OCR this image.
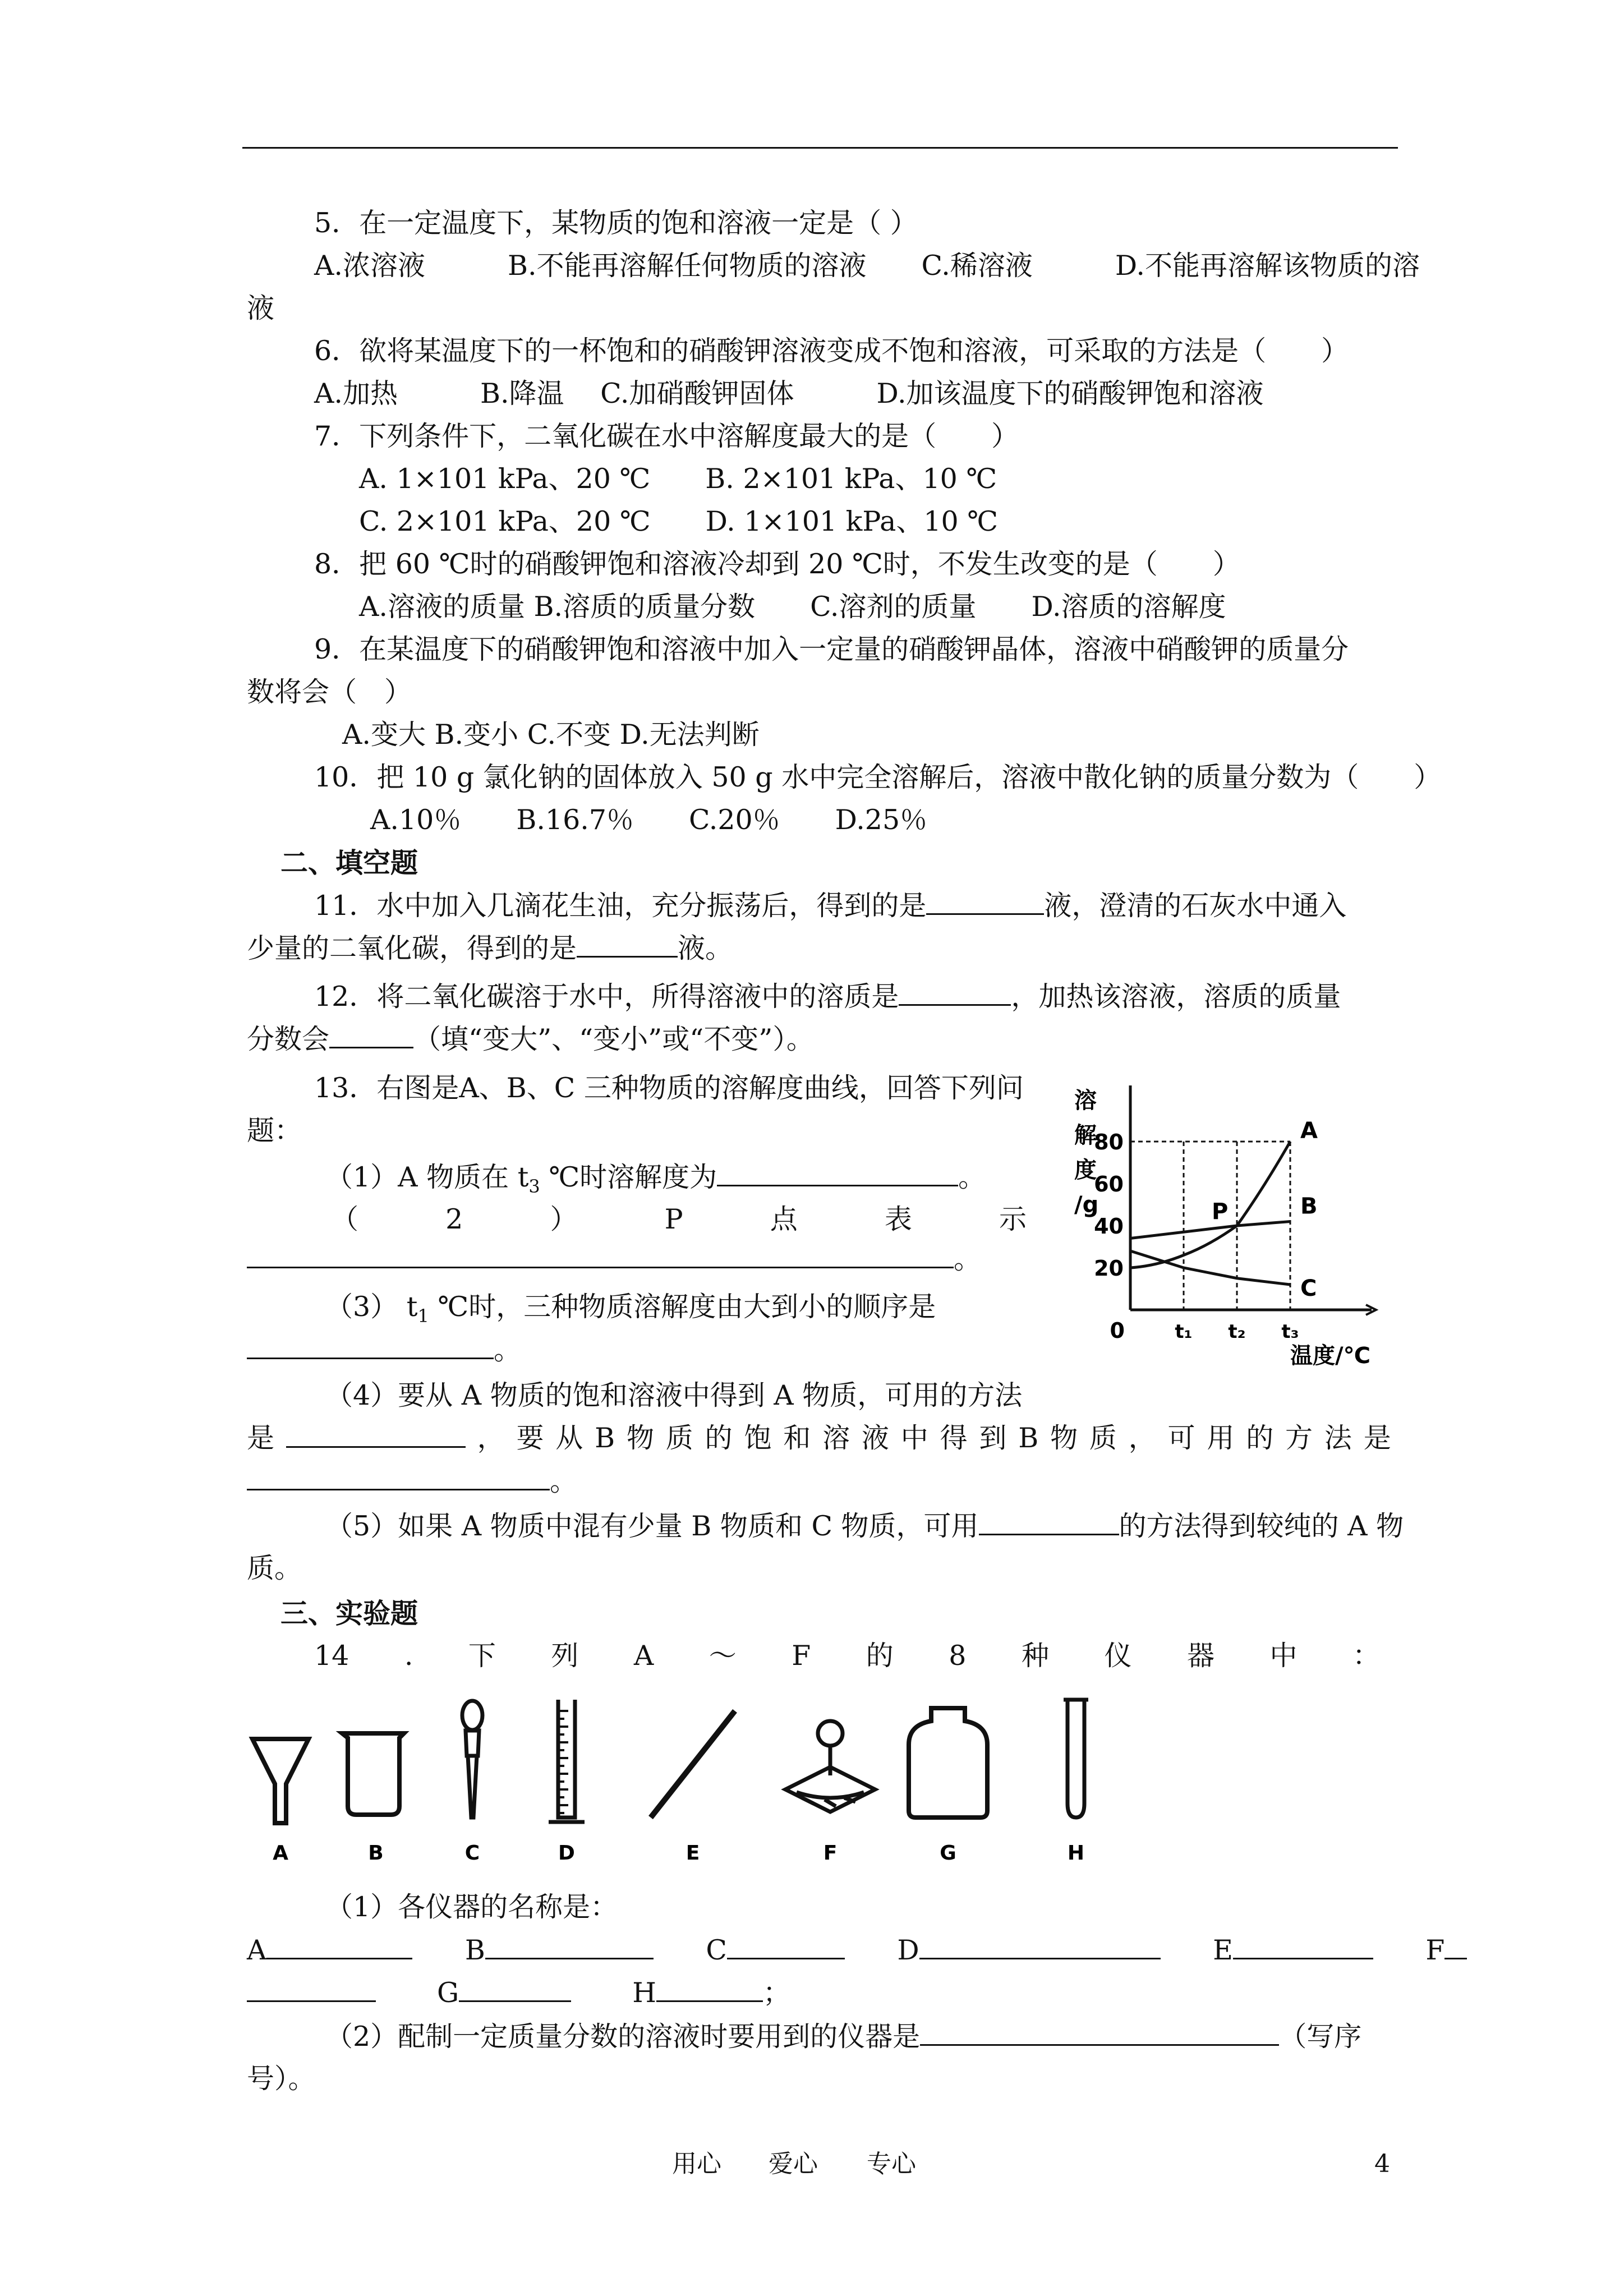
5．在一定温度下，某物质的饱和溶液一定是（ ）
A.浓溶液　　　B.不能再溶解任何物质的溶液　　C.稀溶液　　　D.不能再溶解该物质的溶
液
6．欲将某温度下的一杯饱和的硝酸钾溶液变成不饱和溶液，可采取的方法是（　　）
A.加热　　　B.降温　 C.加硝酸钾固体　　　D.加该温度下的硝酸钾饱和溶液
7．下列条件下，二氧化碳在水中溶解度最大的是（　　）
A. 1×101 kPa、20 ℃　　B. 2×101 kPa、10 ℃
C. 2×101 kPa、20 ℃　　D. 1×101 kPa、10 ℃
8．把 60 ℃时的硝酸钾饱和溶液冷却到 20 ℃时，不发生改变的是（　　）
A.溶液的质量 B.溶质的质量分数　　C.溶剂的质量　　D.溶质的溶解度
9．在某温度下的硝酸钾饱和溶液中加入一定量的硝酸钾晶体，溶液中硝酸钾的质量分
数将会（　）
A.变大 B.变小 C.不变 D.无法判断
10．把 10 g 氯化钠的固体放入 50 g 水中完全溶解后，溶液中散化钠的质量分数为（　　）
A.10％　　B.16.7％　　C.20％　　D.25％
二、填空题
11．水中加入几滴花生油，充分振荡后，得到的是	液，澄清的石灰水中通入
少量的二氧化碳，得到的是	液。
12．将二氧化碳溶于水中，所得溶液中的溶质是	，加热该溶液，溶质的质量
分数会	（填“变大”、“变小”或“不变”）。
13．右图是A、B、C 三种物质的溶解度曲线，回答下列问
题：
（1）A 物质在 $t_3$ ℃时溶解度为	。
（	2	）	P	点	表	示
。
（3） $t_1$ ℃时，三种物质溶解度由大到小的顺序是
。
（4）要从 A 物质的饱和溶液中得到 A 物质，可用的方法
是	， 要 从 B 物 质 的 饱 和 溶 液 中 得 到 B 物 质 ， 可 用 的 方 法 是
。
（5）如果 A 物质中混有少量 B 物质和 C 物质，可用	的方法得到较纯的 A 物
质。
溶
解
度
/g
0
20
40
60
80
t₁ t₂ t₃
A
B
C
P
温度/℃
三、实验题
14 . 下 列 A ～ F 的 8 种 仪 器 中 ：
A	B	C	D	E	F	G	H
（1）各仪器的名称是：
A	B	C	D	E	F
G	H	；
（2）配制一定质量分数的溶液时要用到的仪器是	（写序
号）。
用心 爱心 专心	4
